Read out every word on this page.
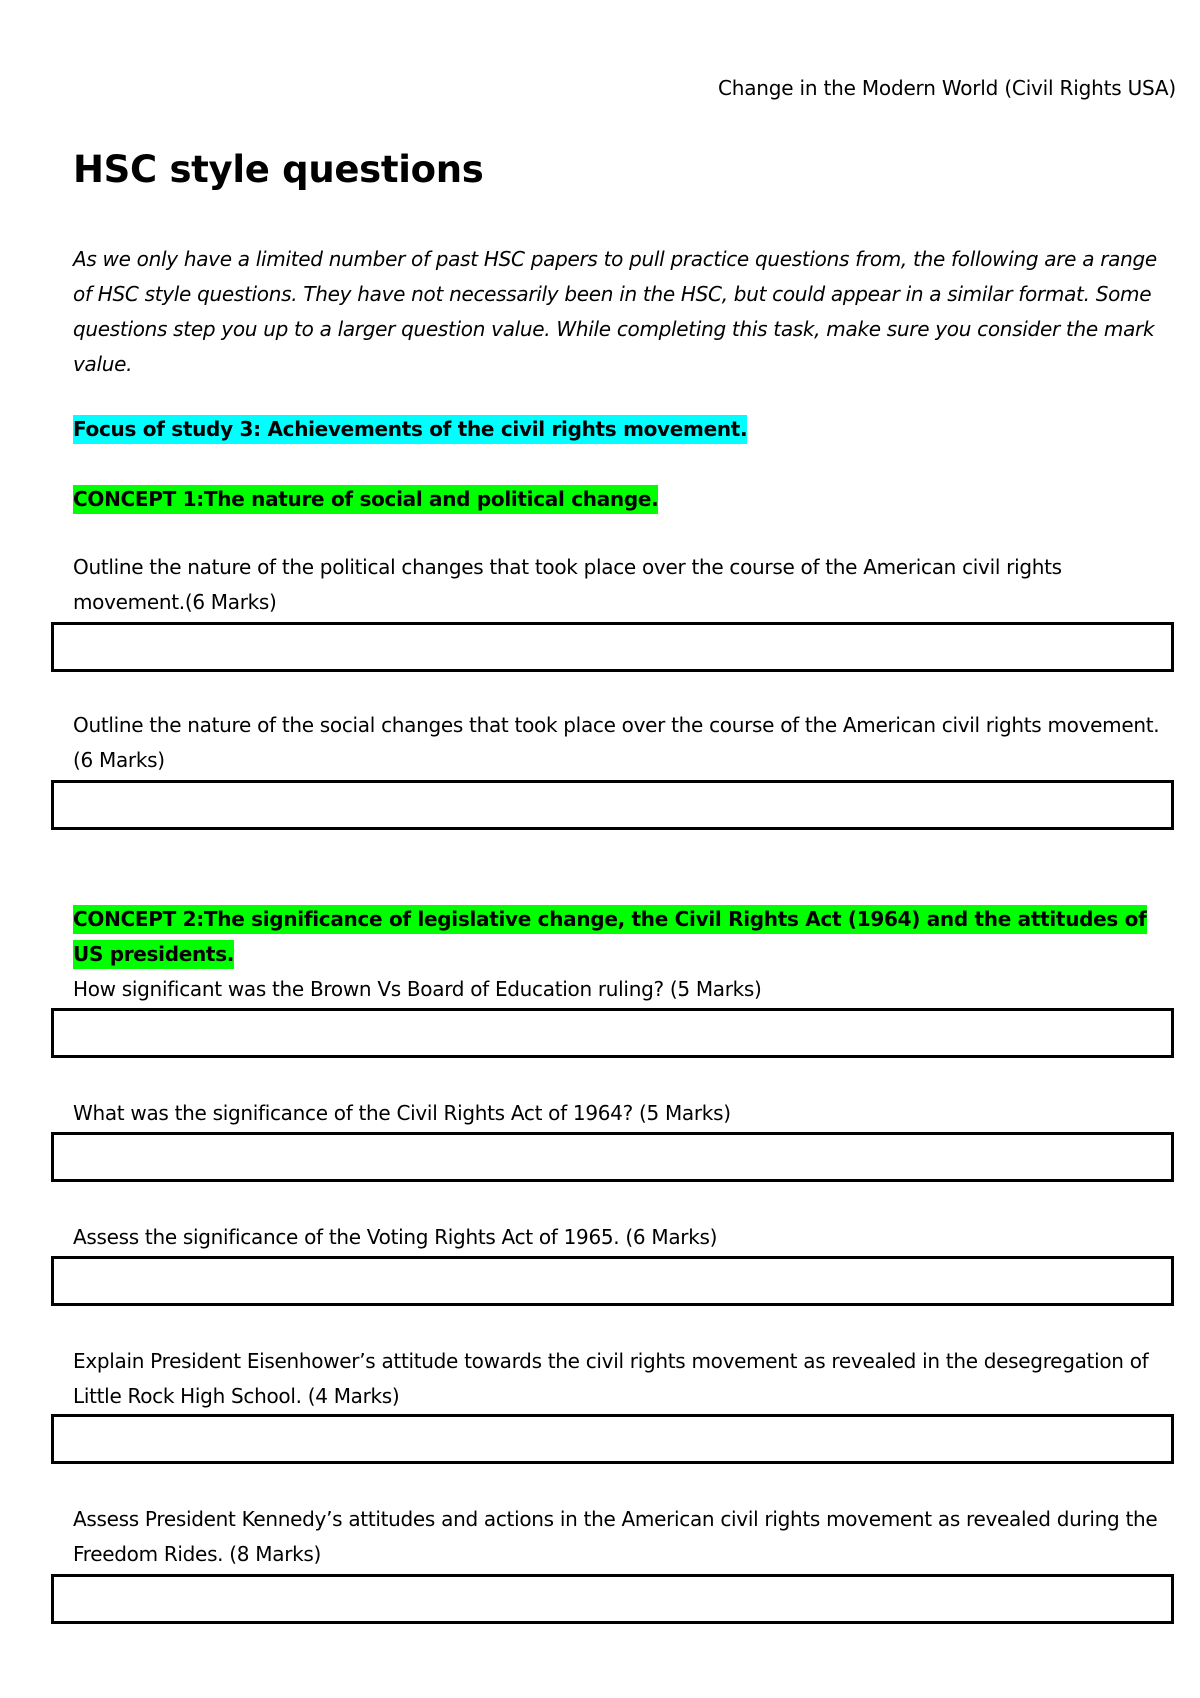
Change in the Modern World (Civil Rights USA)
HSC style questions

As we only have a limited number of past HSC papers to pull practice questions from, the following are a range of HSC style questions. They have not necessarily been in the HSC, but could appear in a similar format. Some questions step you up to a larger question value. While completing this task, make sure you consider the mark value.

Focus of study 3: Achievements of the civil rights movement.

CONCEPT 1:The nature of social and political change.

Outline the nature of the political changes that took place over the course of the American civil rights movement.(6 Marks)

Outline the nature of the social changes that took place over the course of the American civil rights movement. (6 Marks)

CONCEPT 2:The significance of legislative change, the Civil Rights Act (1964) and the attitudes of US presidents.

How significant was the Brown Vs Board of Education ruling? (5 Marks)

What was the significance of the Civil Rights Act of 1964? (5 Marks)

Assess the significance of the Voting Rights Act of 1965. (6 Marks)

Explain President Eisenhower’s attitude towards the civil rights movement as revealed in the desegregation of Little Rock High School. (4 Marks)

Assess President Kennedy’s attitudes and actions in the American civil rights movement as revealed during the Freedom Rides. (8 Marks)
